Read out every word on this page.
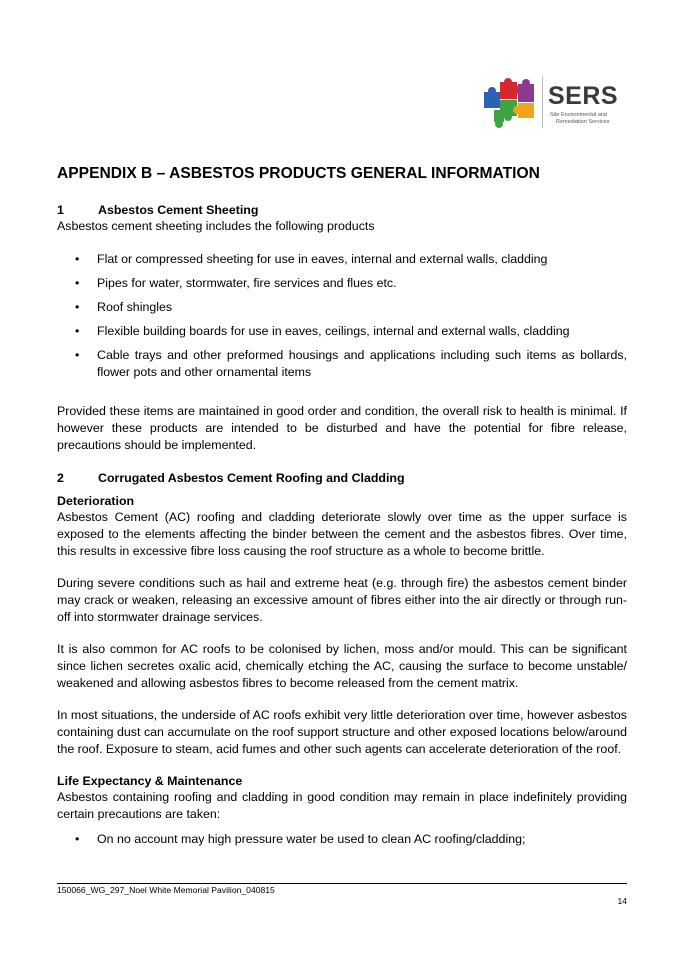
SERS
Site Environmental and
Remediation Services
APPENDIX B – ASBESTOS PRODUCTS GENERAL INFORMATION
1	Asbestos Cement Sheeting

Asbestos cement sheeting includes the following products

• Flat or compressed sheeting for use in eaves, internal and external walls, cladding
• Pipes for water, stormwater, fire services and flues etc.
• Roof shingles
• Flexible building boards for use in eaves, ceilings, internal and external walls, cladding
• Cable trays and other preformed housings and applications including such items as bollards, flower pots and other ornamental items

Provided these items are maintained in good order and condition, the overall risk to health is minimal. If however these products are intended to be disturbed and have the potential for fibre release, precautions should be implemented.

2	Corrugated Asbestos Cement Roofing and Cladding
Deterioration

Asbestos Cement (AC) roofing and cladding deteriorate slowly over time as the upper surface is exposed to the elements affecting the binder between the cement and the asbestos fibres. Over time, this results in excessive fibre loss causing the roof structure as a whole to become brittle.

During severe conditions such as hail and extreme heat (e.g. through fire) the asbestos cement binder may crack or weaken, releasing an excessive amount of fibres either into the air directly or through run-off into stormwater drainage services.

It is also common for AC roofs to be colonised by lichen, moss and/or mould. This can be significant since lichen secretes oxalic acid, chemically etching the AC, causing the surface to become unstable/ weakened and allowing asbestos fibres to become released from the cement matrix.

In most situations, the underside of AC roofs exhibit very little deterioration over time, however asbestos containing dust can accumulate on the roof support structure and other exposed locations below/around the roof. Exposure to steam, acid fumes and other such agents can accelerate deterioration of the roof.

Life Expectancy & Maintenance

Asbestos containing roofing and cladding in good condition may remain in place indefinitely providing certain precautions are taken:

• On no account may high pressure water be used to clean AC roofing/cladding;
150066_WG_297_Noel White Memorial Pavilion_040815
14
